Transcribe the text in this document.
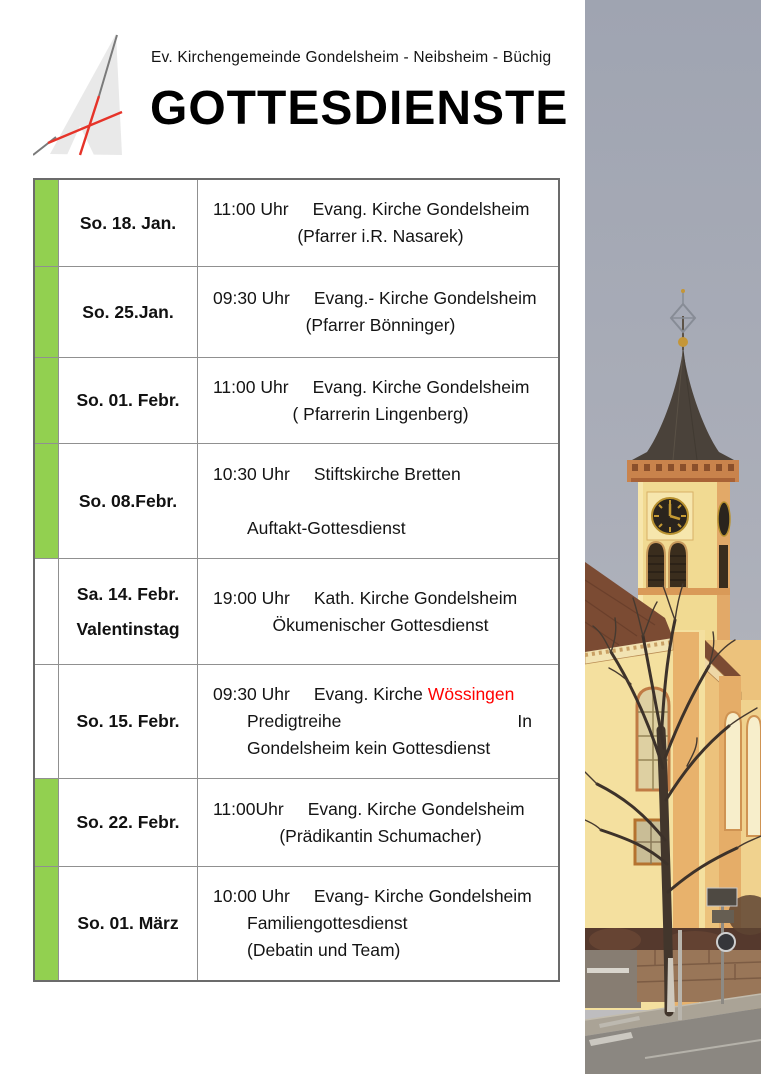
Ev. Kirchengemeinde Gondelsheim - Neibsheim - Büchig
GOTTESDIENSTE
So. 18. Jan.
11:00 Uhr Evang. Kirche Gondelsheim
(Pfarrer i.R. Nasarek)
So. 25.Jan.
09:30 Uhr Evang.- Kirche Gondelsheim
(Pfarrer Bönninger)
So. 01. Febr.
11:00 Uhr Evang. Kirche Gondelsheim
( Pfarrerin Lingenberg)
So. 08.Febr.
10:30 Uhr Stiftskirche Bretten
Auftakt-Gottesdienst
Sa. 14. Febr.
Valentinstag
19:00 Uhr Kath. Kirche Gondelsheim
Ökumenischer Gottesdienst
So. 15. Febr.
09:30 Uhr Evang. Kirche Wössingen
Predigtreihe	In
Gondelsheim kein Gottesdienst
So. 22. Febr.
11:00Uhr Evang. Kirche Gondelsheim
(Prädikantin Schumacher)
So. 01. März
10:00 Uhr Evang- Kirche Gondelsheim
Familiengottesdienst
(Debatin und Team)
